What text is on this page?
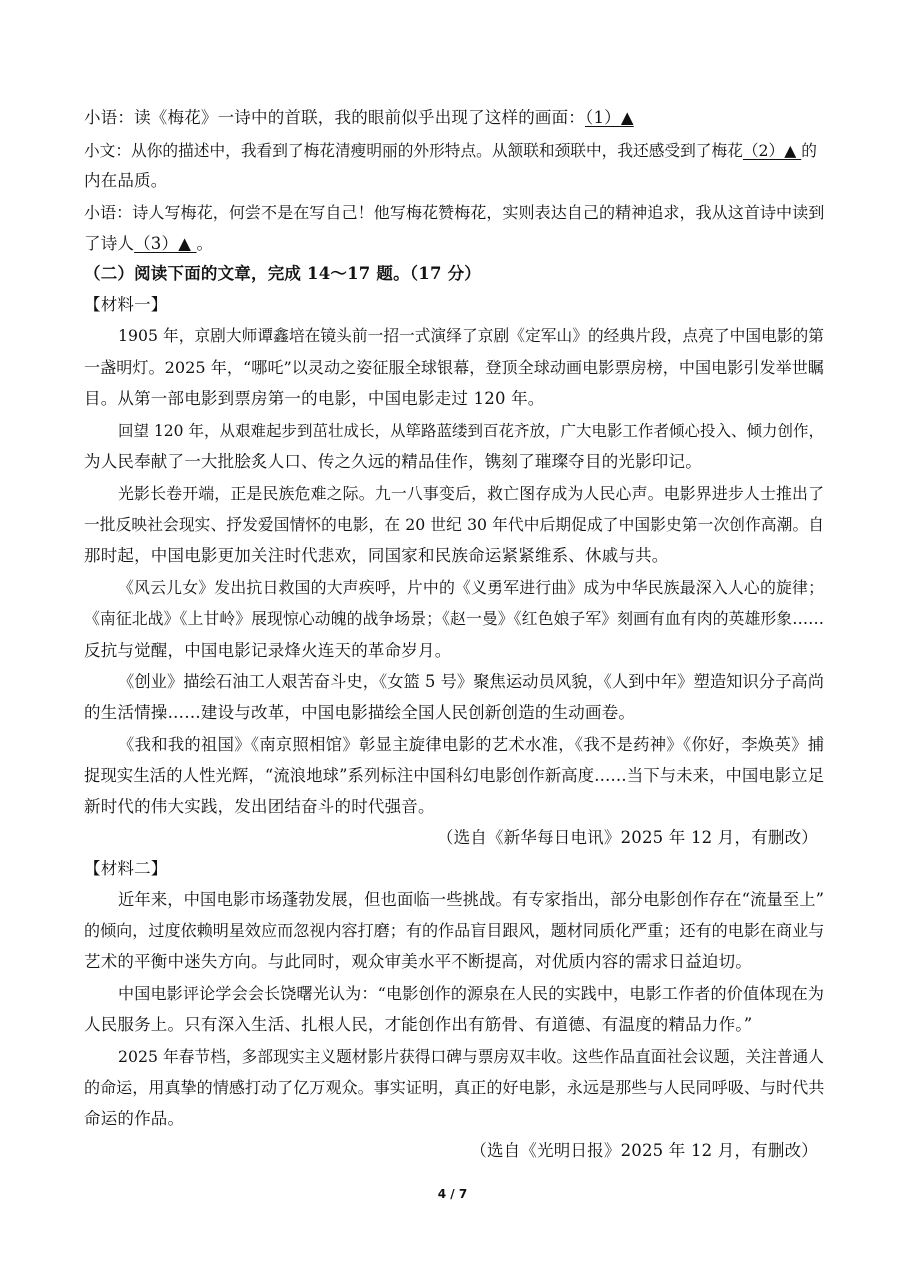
小语：读《梅花》一诗中的首联，我的眼前似乎出现了这样的画面：（1）▲
小文：从你的描述中，我看到了梅花清瘦明丽的外形特点。从颔联和颈联中，我还感受到了梅花（2）▲ 的
内在品质。
小语：诗人写梅花，何尝不是在写自己！他写梅花赞梅花，实则表达自己的精神追求，我从这首诗中读到
了诗人（3）▲ 。
（二）阅读下面的文章，完成 14～17 题。（17 分）
【材料一】
1905 年，京剧大师谭鑫培在镜头前一招一式演绎了京剧《定军山》的经典片段，点亮了中国电影的第
一盏明灯。2025 年，“哪吒”以灵动之姿征服全球银幕，登顶全球动画电影票房榜，中国电影引发举世瞩
目。从第一部电影到票房第一的电影，中国电影走过 120 年。
回望 120 年，从艰难起步到茁壮成长，从筚路蓝缕到百花齐放，广大电影工作者倾心投入、倾力创作，
为人民奉献了一大批脍炙人口、传之久远的精品佳作，镌刻了璀璨夺目的光影印记。
光影长卷开端，正是民族危难之际。九一八事变后，救亡图存成为人民心声。电影界进步人士推出了
一批反映社会现实、抒发爱国情怀的电影，在 20 世纪 30 年代中后期促成了中国影史第一次创作高潮。自
那时起，中国电影更加关注时代悲欢，同国家和民族命运紧紧维系、休戚与共。
《风云儿女》发出抗日救国的大声疾呼，片中的《义勇军进行曲》成为中华民族最深入人心的旋律；
《南征北战》《上甘岭》展现惊心动魄的战争场景；《赵一曼》《红色娘子军》刻画有血有肉的英雄形象……
反抗与觉醒，中国电影记录烽火连天的革命岁月。
《创业》描绘石油工人艰苦奋斗史，《女篮 5 号》聚焦运动员风貌，《人到中年》塑造知识分子高尚
的生活情操……建设与改革，中国电影描绘全国人民创新创造的生动画卷。
《我和我的祖国》《南京照相馆》彰显主旋律电影的艺术水准，《我不是药神》《你好，李焕英》捕
捉现实生活的人性光辉，“流浪地球”系列标注中国科幻电影创作新高度……当下与未来，中国电影立足
新时代的伟大实践，发出团结奋斗的时代强音。
（选自《新华每日电讯》2025 年 12 月，有删改）
【材料二】
近年来，中国电影市场蓬勃发展，但也面临一些挑战。有专家指出，部分电影创作存在“流量至上”
的倾向，过度依赖明星效应而忽视内容打磨；有的作品盲目跟风，题材同质化严重；还有的电影在商业与
艺术的平衡中迷失方向。与此同时，观众审美水平不断提高，对优质内容的需求日益迫切。
中国电影评论学会会长饶曙光认为：“电影创作的源泉在人民的实践中，电影工作者的价值体现在为
人民服务上。只有深入生活、扎根人民，才能创作出有筋骨、有道德、有温度的精品力作。”
2025 年春节档，多部现实主义题材影片获得口碑与票房双丰收。这些作品直面社会议题，关注普通人
的命运，用真挚的情感打动了亿万观众。事实证明，真正的好电影，永远是那些与人民同呼吸、与时代共
命运的作品。
（选自《光明日报》2025 年 12 月，有删改）
4 / 7
